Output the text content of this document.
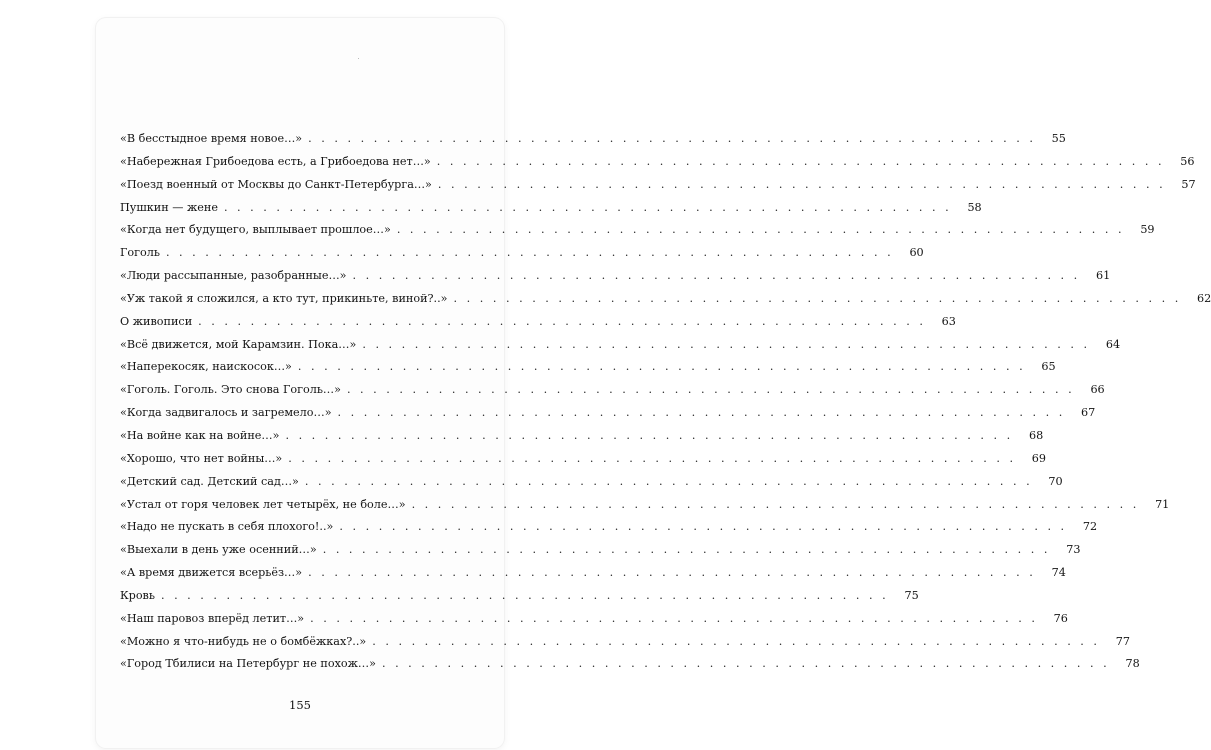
«В бесстыдное время новое…» . . .	55
«Набережная Грибоедова есть, а Грибоедова нет…» . . .	56
«Поезд военный от Москвы до Санкт-Петербурга…» . . .	57
Пушкин — жене . . .	58
«Когда нет будущего, выплывает прошлое…» . . .	59
Гоголь . . .	60
«Люди рассыпанные, разобранные…» . . .	61
«Уж такой я сложился, а кто тут, прикиньте, виной?..» . . .	62
О живописи . . .	63
«Всё движется, мой Карамзин. Пока…» . . .	64
«Наперекосяк, наискосок…» . . .	65
«Гоголь. Гоголь. Это снова Гоголь…» . . .	66
«Когда задвигалось и загремело…» . . .	67
«На войне как на войне…» . . .	68
«Хорошо, что нет войны…» . . .	69
«Детский сад. Детский сад…» . . .	70
«Устал от горя человек лет четырёх, не боле…» . . .	71
«Надо не пускать в себя плохого!..» . . .	72
«Выехали в день уже осенний…» . . .	73
«А время движется всерьёз…» . . .	74
Кровь . . .	75
«Наш паровоз вперёд летит…» . . .	76
«Можно я что-нибудь не о бомбёжках?..» . . .	77
«Город Тбилиси на Петербург не похож…» . . .	78
155
